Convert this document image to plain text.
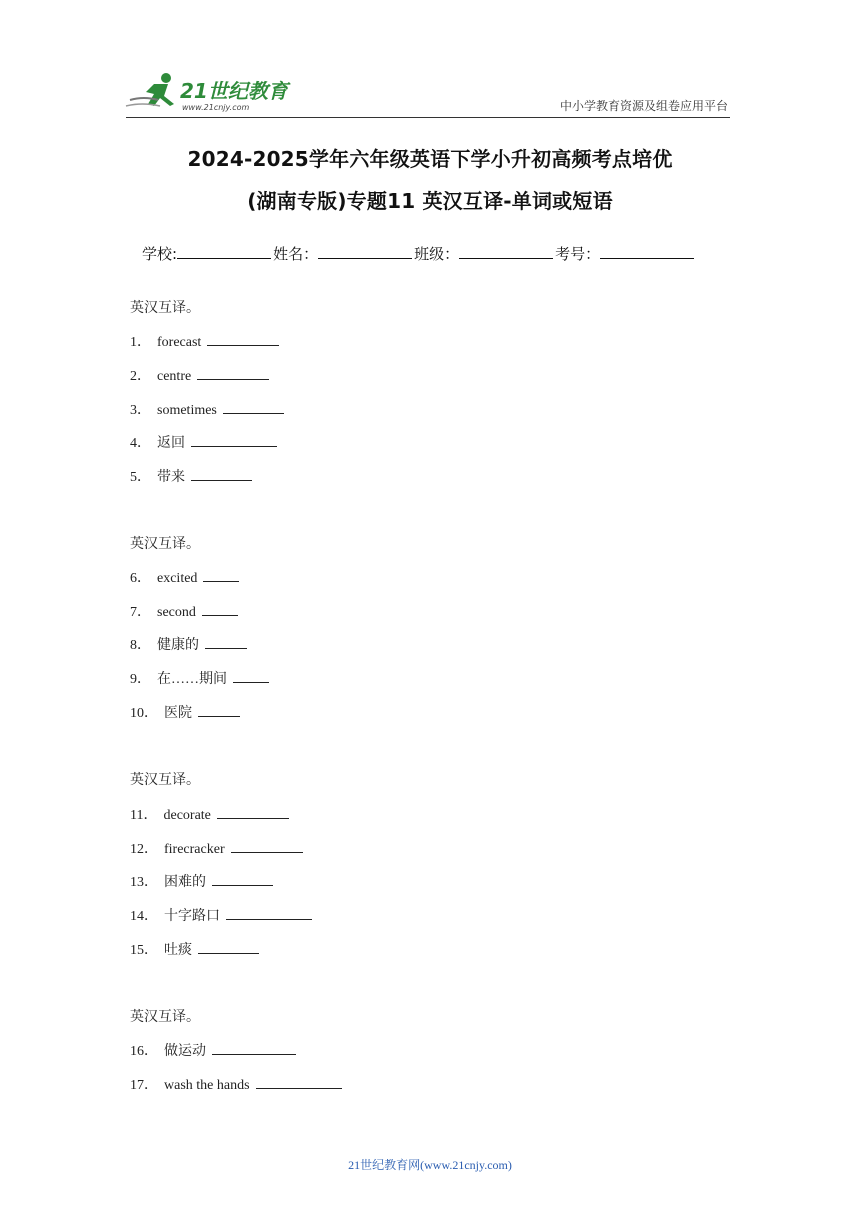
21世纪教育
www.21cnjy.com	中小学教育资源及组卷应用平台
2024-2025学年六年级英语下学小升初高频考点培优
(湖南专版)专题11 英汉互译-单词或短语
学校:	姓名：	班级：	考号：
英汉互译。
1． forecast
2． centre
3． sometimes
4． 返回
5． 带来
英汉互译。
6． excited
7． second
8． 健康的
9． 在……期间
10． 医院
英汉互译。
11． decorate
12． firecracker
13． 困难的
14． 十字路口
15． 吐痰
英汉互译。
16． 做运动
17． wash the hands
21世纪教育网(www.21cnjy.com)
